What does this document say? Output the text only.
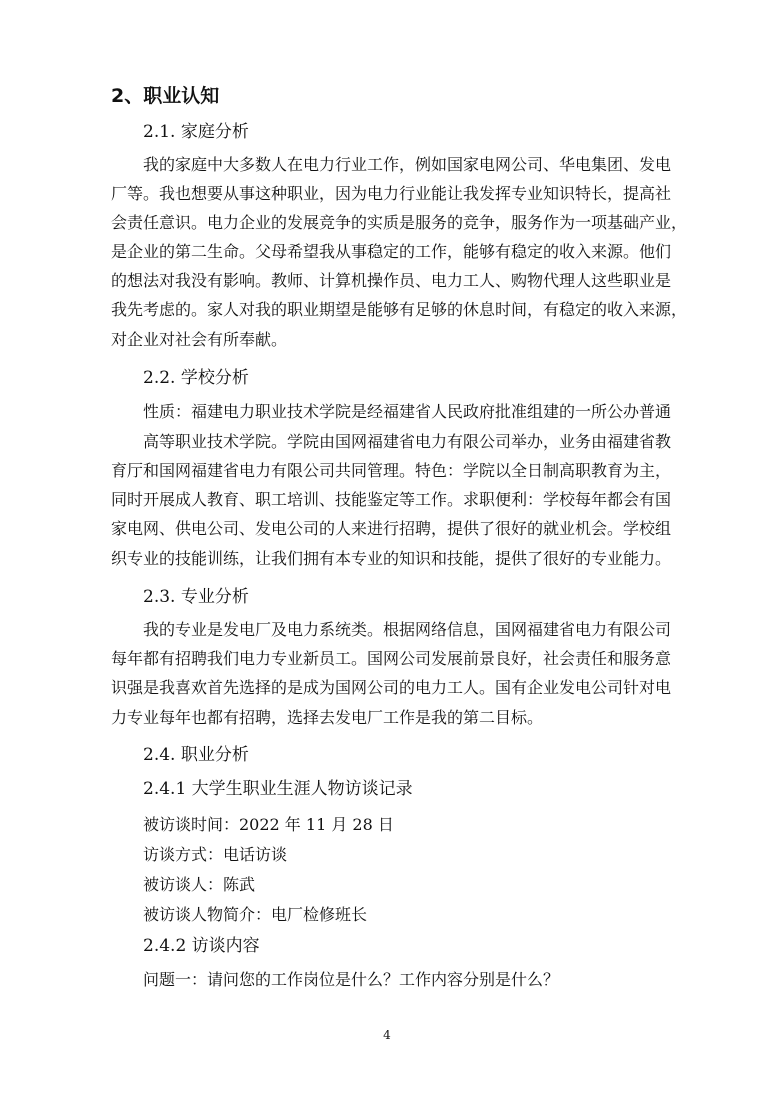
2、职业认知
2.1. 家庭分析
我的家庭中大多数人在电力行业工作，例如国家电网公司、华电集团、发电
厂等。我也想要从事这种职业，因为电力行业能让我发挥专业知识特长，提高社
会责任意识。电力企业的发展竞争的实质是服务的竞争，服务作为一项基础产业，
是企业的第二生命。父母希望我从事稳定的工作，能够有稳定的收入来源。他们
的想法对我没有影响。教师、计算机操作员、电力工人、购物代理人这些职业是
我先考虑的。家人对我的职业期望是能够有足够的休息时间，有稳定的收入来源，
对企业对社会有所奉献。
2.2. 学校分析
性质：福建电力职业技术学院是经福建省人民政府批准组建的一所公办普通
高等职业技术学院。学院由国网福建省电力有限公司举办，业务由福建省教
育厅和国网福建省电力有限公司共同管理。特色：学院以全日制高职教育为主，
同时开展成人教育、职工培训、技能鉴定等工作。求职便利：学校每年都会有国
家电网、供电公司、发电公司的人来进行招聘，提供了很好的就业机会。学校组
织专业的技能训练，让我们拥有本专业的知识和技能，提供了很好的专业能力。
2.3. 专业分析
我的专业是发电厂及电力系统类。根据网络信息，国网福建省电力有限公司
每年都有招聘我们电力专业新员工。国网公司发展前景良好，社会责任和服务意
识强是我喜欢首先选择的是成为国网公司的电力工人。国有企业发电公司针对电
力专业每年也都有招聘，选择去发电厂工作是我的第二目标。
2.4. 职业分析
2.4.1 大学生职业生涯人物访谈记录
被访谈时间：2022 年 11 月 28 日
访谈方式：电话访谈
被访谈人：陈武
被访谈人物简介：电厂检修班长
2.4.2 访谈内容
问题一：请问您的工作岗位是什么？工作内容分别是什么？
4
